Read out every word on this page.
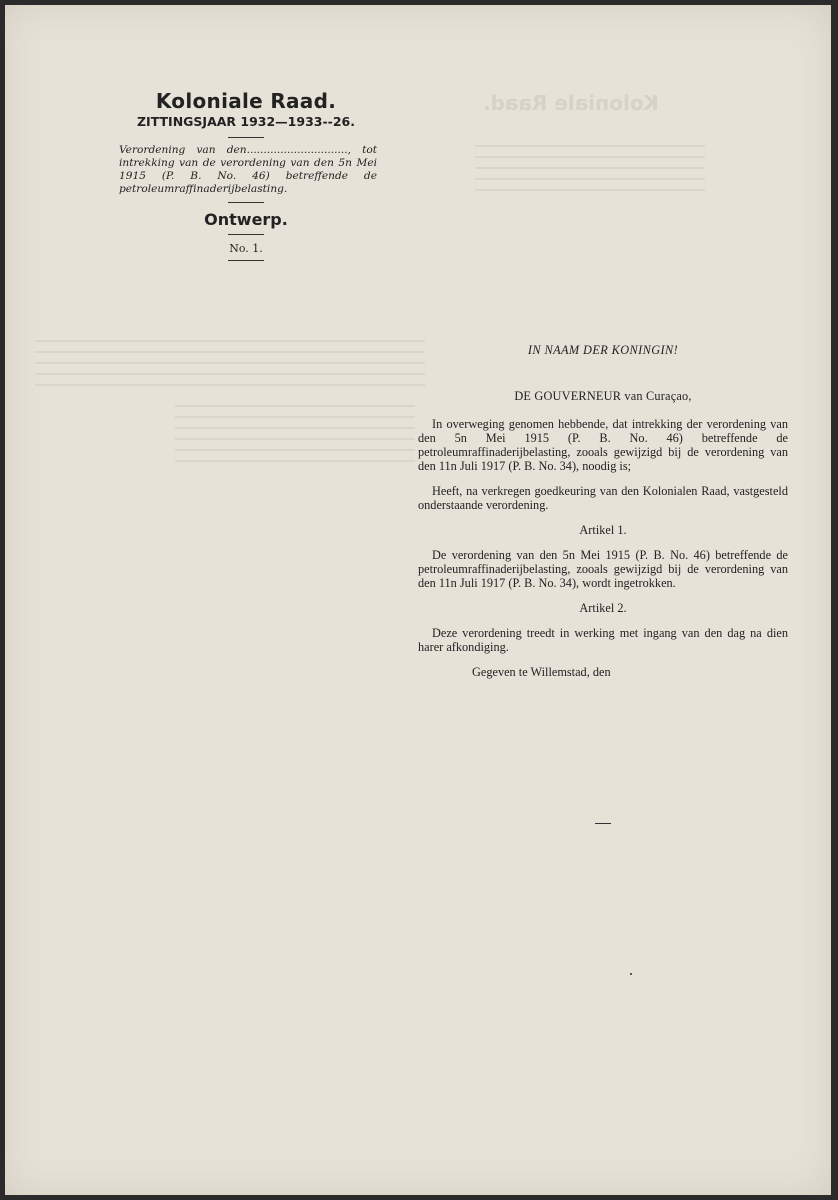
Koloniale Raad.
Koloniale Raad.

ZITTINGSJAAR 1932—1933--26.

Verordening van den.............................., tot intrekking van de verordening van den 5n Mei 1915 (P. B. No. 46) betreffende de petroleumraffinaderijbelasting.

Ontwerp.

No. 1.

IN NAAM DER KONINGIN!

DE GOUVERNEUR van Curaçao,

In overweging genomen hebbende, dat intrekking der verordening van den 5n Mei 1915 (P. B. No. 46) betreffende de petroleumraffinaderijbelasting, zooals gewijzigd bij de verordening van den 11n Juli 1917 (P. B. No. 34), noodig is;

Heeft, na verkregen goedkeuring van den Kolonialen Raad, vastgesteld onderstaande verordening.

Artikel 1.

De verordening van den 5n Mei 1915 (P. B. No. 46) betreffende de petroleumraffinaderijbelasting, zooals gewijzigd bij de verordening van den 11n Juli 1917 (P. B. No. 34), wordt ingetrokken.

Artikel 2.

Deze verordening treedt in werking met ingang van den dag na dien harer afkondiging.

Gegeven te Willemstad, den
